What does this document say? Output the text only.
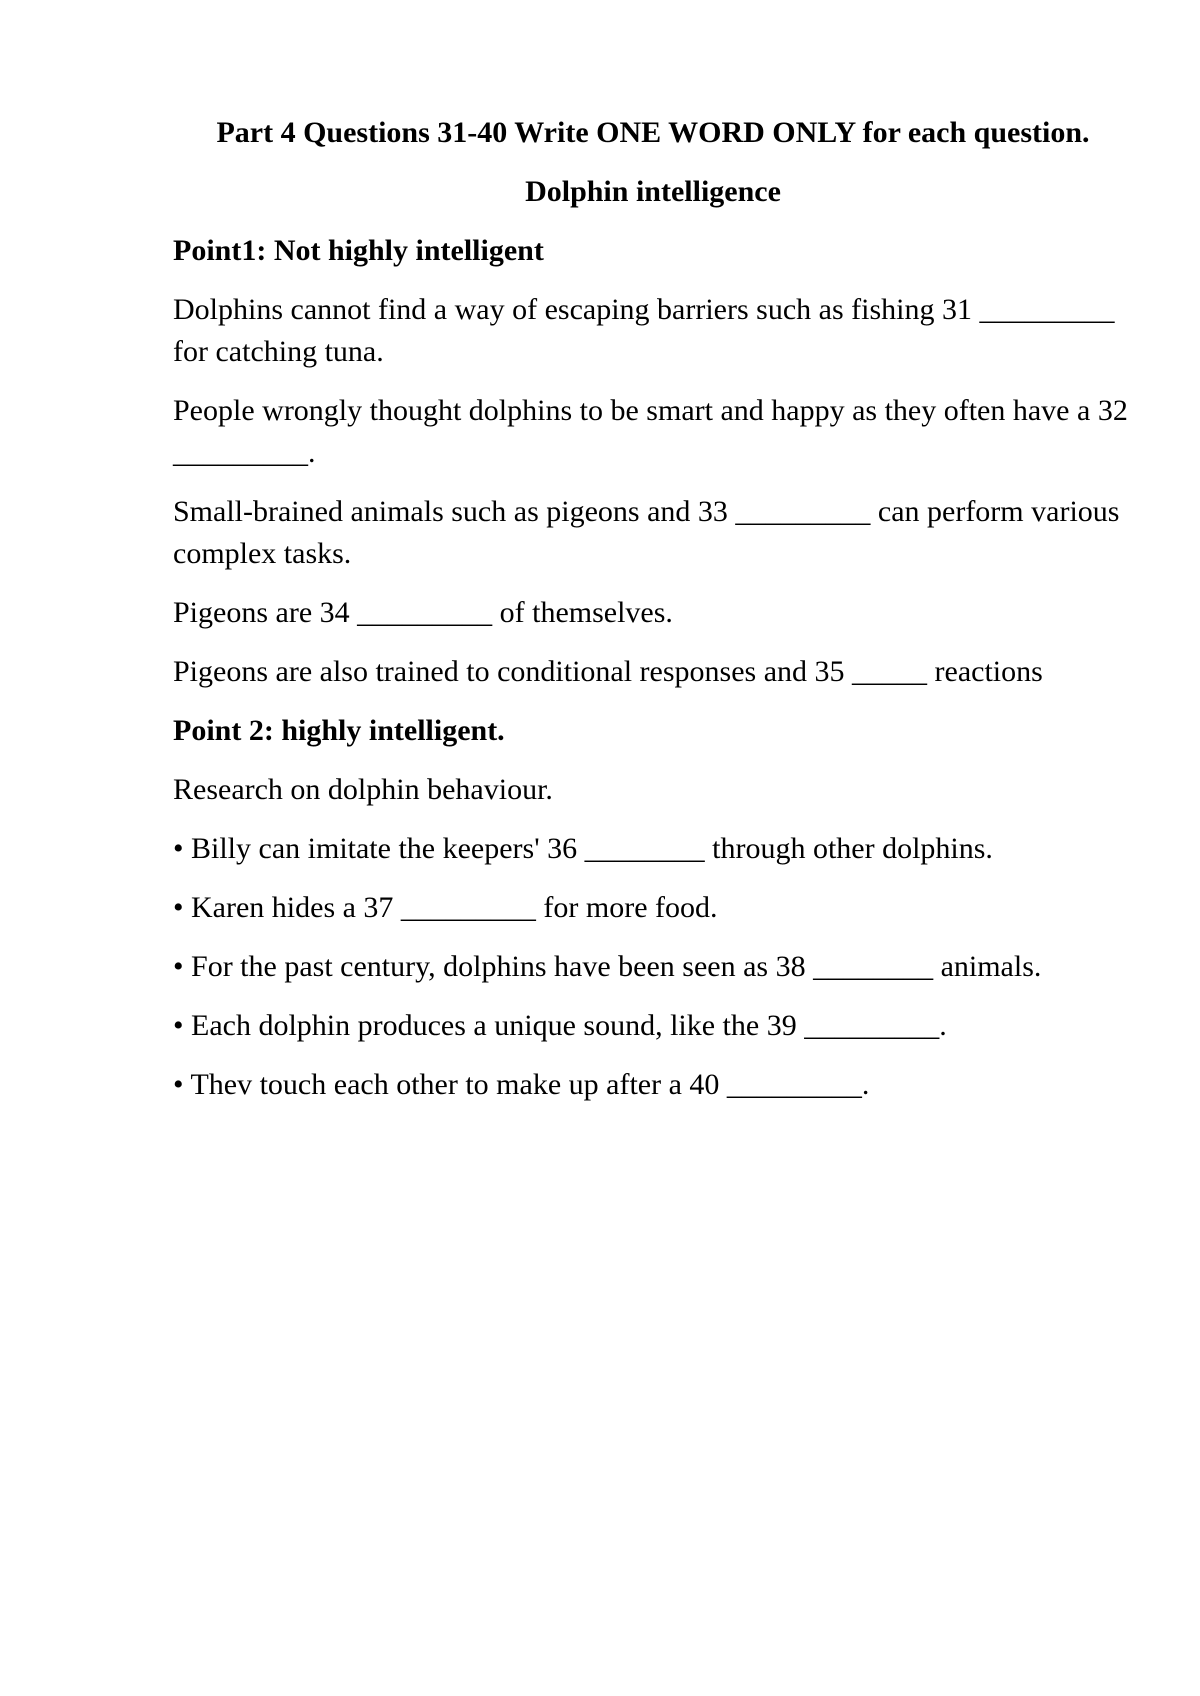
Part 4 Questions 31-40 Write ONE WORD ONLY for each question.

Dolphin intelligence

Point1: Not highly intelligent

Dolphins cannot find a way of escaping barriers such as fishing 31 _________ for catching tuna.

People wrongly thought dolphins to be smart and happy as they often have a 32 _________.

Small-brained animals such as pigeons and 33 _________ can perform various complex tasks.

Pigeons are 34 _________ of themselves.

Pigeons are also trained to conditional responses and 35 _____ reactions

Point 2: highly intelligent.

Research on dolphin behaviour.

• Billy can imitate the keepers' 36 ________ through other dolphins.

• Karen hides a 37 _________ for more food.

• For the past century, dolphins have been seen as 38 ________ animals.

• Each dolphin produces a unique sound, like the 39 _________.

• Thev touch each other to make up after a 40 _________.
